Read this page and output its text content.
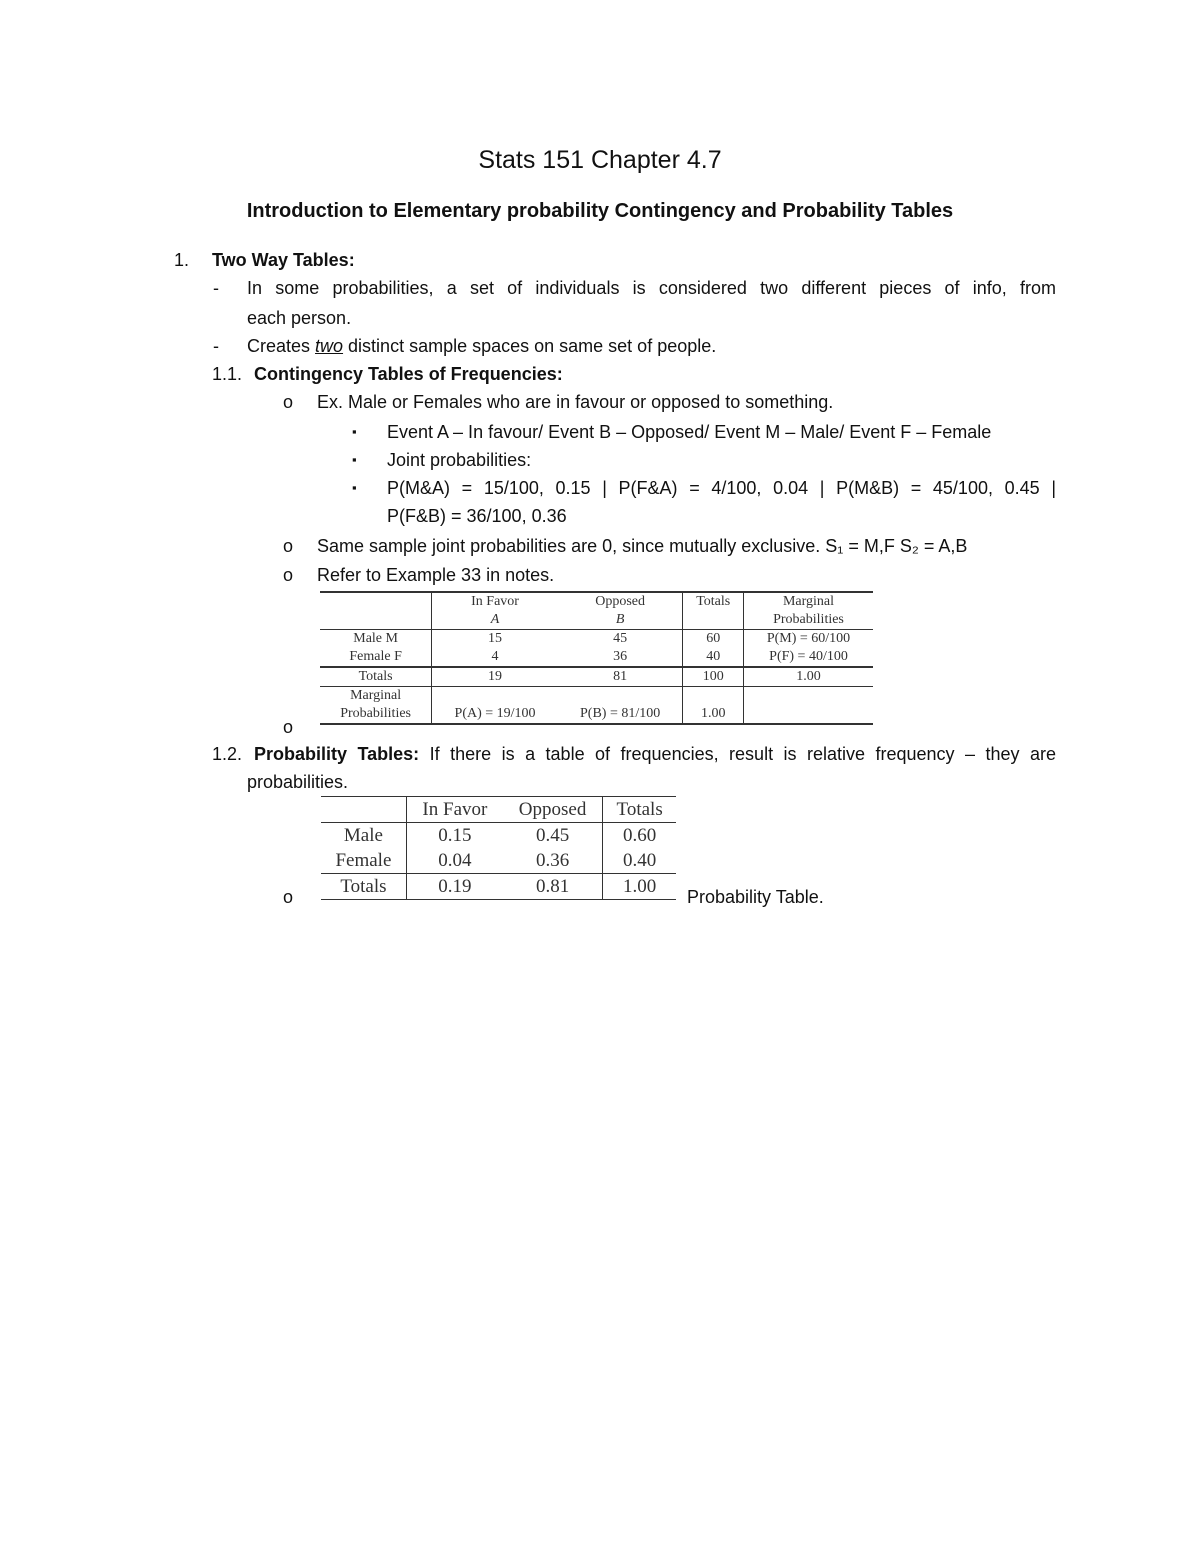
Stats 151 Chapter 4.7
Introduction to Elementary probability Contingency and Probability Tables
1. Two Way Tables:
- In some probabilities, a set of individuals is considered two different pieces of info, from
each person.
- Creates two distinct sample spaces on same set of people.
1.1. Contingency Tables of Frequencies:
o Ex. Male or Females who are in favour or opposed to something.
▪ Event A – In favour/ Event B – Opposed/ Event M – Male/ Event F – Female
▪ Joint probabilities:
▪ P(M&A) = 15/100, 0.15 | P(F&A) = 4/100, 0.04 | P(M&B) = 45/100, 0.45 |
P(F&B) = 36/100, 0.36
o Same sample joint probabilities are 0, since mutually exclusive. S₁ = M,F S₂ = A,B
o Refer to Example 33 in notes.
o
	In Favor	Opposed	Totals	Marginal
	A	B		Probabilities
Male M	15	45	60	P(M) = 60/100
Female F	4	36	40	P(F) = 40/100
Totals	19	81	100	1.00

Marginal
Probabilities	P(A) = 19/100	P(B) = 81/100	1.00	
1.2. Probability Tables: If there is a table of frequencies, result is relative frequency – they are
probabilities.
	In Favor	Opposed	Totals
Male	0.15	0.45	0.60
Female	0.04	0.36	0.40
Totals	0.19	0.81	1.00
o	Probability Table.
